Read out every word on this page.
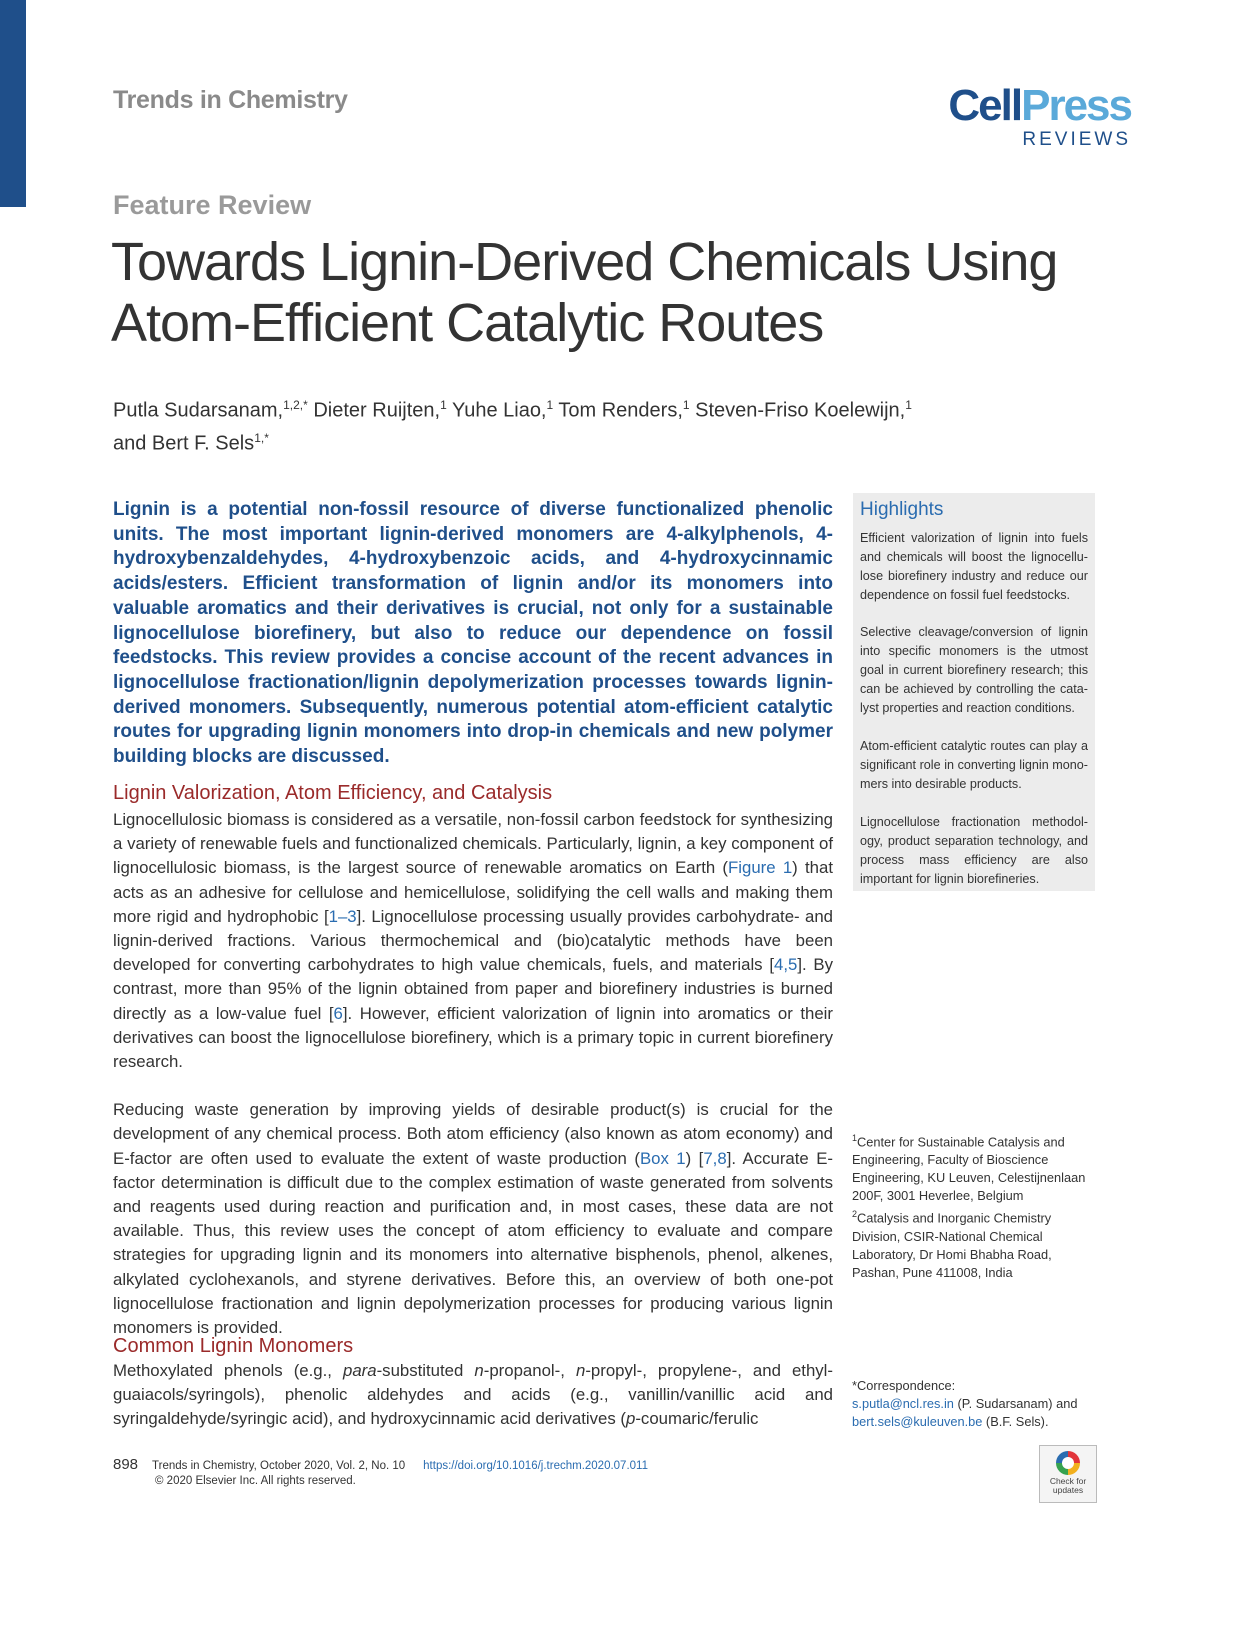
Trends in Chemistry	CellPress
REVIEWS
Feature Review
Towards Lignin-Derived Chemicals Using
Atom-Efficient Catalytic Routes
Putla Sudarsanam,$^{1,2,*}$ Dieter Ruijten,$^1$ Yuhe Liao,$^1$ Tom Renders,$^1$ Steven-Friso Koelewijn,$^1$
and Bert F. Sels$^{1,*}$
Lignin is a potential non-fossil resource of diverse functionalized phenolic units. The most important lignin-derived monomers are 4-alkylphenols, 4-hydroxybenzaldehydes, 4-hydroxybenzoic acids, and 4-hydroxycinnamic acids/esters. Efficient transformation of lignin and/or its monomers into valuable aromatics and their derivatives is crucial, not only for a sustainable lignocellulose biorefinery, but also to reduce our dependence on fossil feedstocks. This review provides a concise account of the recent advances in lignocellulose fractionation/lignin depolymerization processes towards lignin-derived monomers. Subsequently, numerous potential atom-efficient catalytic routes for upgrading lignin monomers into drop-in chemicals and new polymer building blocks are discussed.
Lignin Valorization, Atom Efficiency, and Catalysis

Lignocellulosic biomass is considered as a versatile, non-fossil carbon feedstock for synthesizing a variety of renewable fuels and functionalized chemicals. Particularly, lignin, a key component of lignocellulosic biomass, is the largest source of renewable aromatics on Earth (Figure 1) that acts as an adhesive for cellulose and hemicellulose, solidifying the cell walls and making them more rigid and hydrophobic [1–3]. Lignocellulose processing usually provides carbohydrate- and lignin-derived fractions. Various thermochemical and (bio)catalytic methods have been developed for converting carbohydrates to high value chemicals, fuels, and materials [4,5]. By contrast, more than 95% of the lignin obtained from paper and biorefinery industries is burned directly as a low-value fuel [6]. However, efficient valorization of lignin into aromatics or their derivatives can boost the lignocellulose biorefinery, which is a primary topic in current biorefinery research.

Reducing waste generation by improving yields of desirable product(s) is crucial for the development of any chemical process. Both atom efficiency (also known as atom economy) and E-factor are often used to evaluate the extent of waste production (Box 1) [7,8]. Accurate E-factor determination is difficult due to the complex estimation of waste generated from solvents and reagents used during reaction and purification and, in most cases, these data are not available. Thus, this review uses the concept of atom efficiency to evaluate and compare strategies for upgrading lignin and its monomers into alternative bisphenols, phenol, alkenes, alkylated cyclohexanols, and styrene derivatives. Before this, an overview of both one-pot lignocellulose fractionation and lignin depolymerization processes for producing various lignin monomers is provided.

Common Lignin Monomers

Methoxylated phenols (e.g., para-substituted n-propanol-, n-propyl-, propylene-, and ethyl-guaiacols/syringols), phenolic aldehydes and acids (e.g., vanillin/vanillic acid and syringaldehyde/syringic acid), and hydroxycinnamic acid derivatives (p-coumaric/ferulic

Highlights
Efficient valorization of lignin into fuels and chemicals will boost the lignocellu-lose biorefinery industry and reduce our dependence on fossil fuel feedstocks.
Selective cleavage/conversion of lignin into specific monomers is the utmost goal in current biorefinery research; this can be achieved by controlling the cata-lyst properties and reaction conditions.
Atom-efficient catalytic routes can play a significant role in converting lignin mono-mers into desirable products.
Lignocellulose fractionation methodol-ogy, product separation technology, and process mass efficiency are also important for lignin biorefineries.
$^1$Center for Sustainable Catalysis and Engineering, Faculty of Bioscience Engineering, KU Leuven, Celestijnenlaan 200F, 3001 Heverlee, Belgium
$^2$Catalysis and Inorganic Chemistry Division, CSIR-National Chemical Laboratory, Dr Homi Bhabha Road, Pashan, Pune 411008, India
*Correspondence:
s.putla@ncl.res.in (P. Sudarsanam) and
bert.sels@kuleuven.be (B.F. Sels).
898 Trends in Chemistry, October 2020, Vol. 2, No. 10 https://doi.org/10.1016/j.trechm.2020.07.011
© 2020 Elsevier Inc. All rights reserved.	Check for
updates
